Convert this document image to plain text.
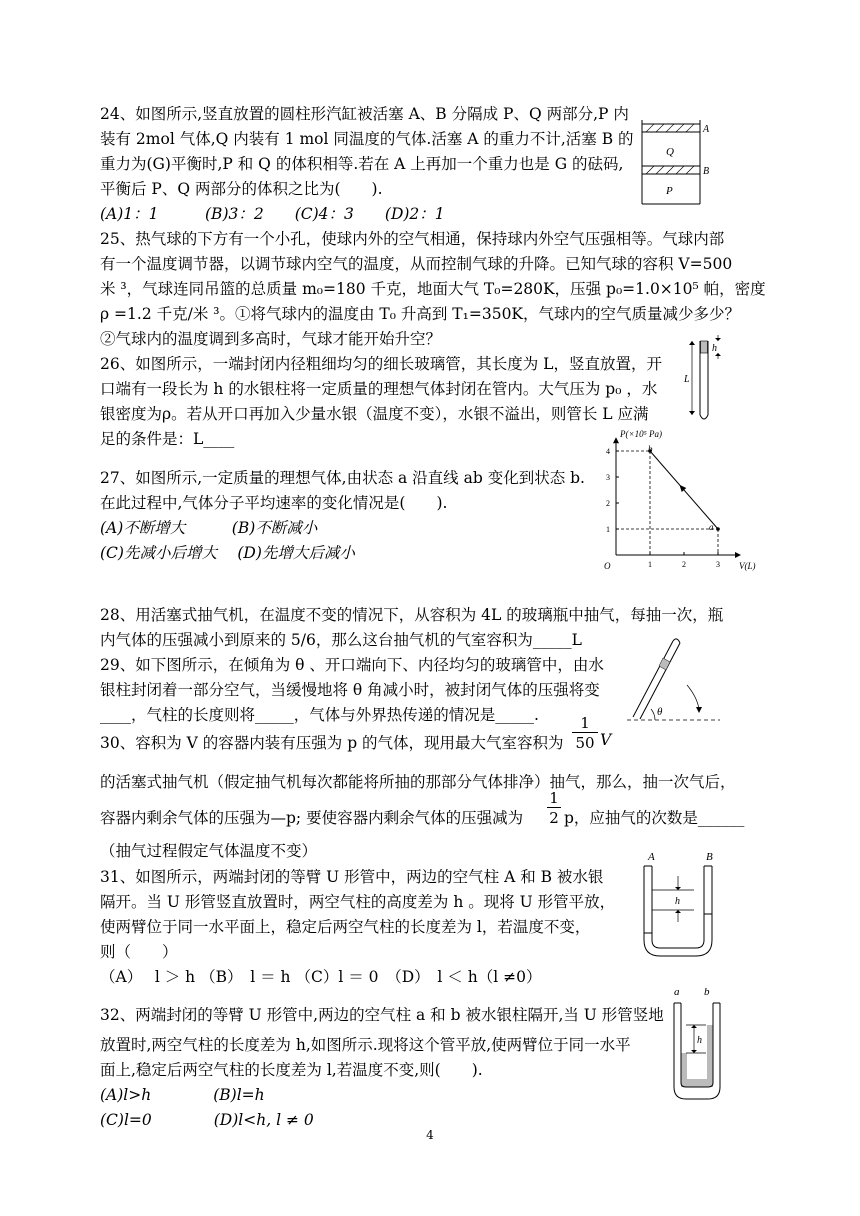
24、如图所示,竖直放置的圆柱形汽缸被活塞 A、B 分隔成 P、Q 两部分,P 内
装有 2mol 气体,Q 内装有 1 mol 同温度的气体.活塞 A 的重力不计,活塞 B 的
重力为(G)平衡时,P 和 Q 的体积相等.若在 A 上再加一个重力也是 G 的砝码,
平衡后 P、Q 两部分的体积之比为(　　).
(A)1：1　　　(B)3：2　　(C)4：3　　(D)2：1
A
B
Q
P
25、热气球的下方有一个小孔，使球内外的空气相通，保持球内外空气压强相等。气球内部
有一个温度调节器，以调节球内空气的温度，从而控制气球的升降。已知气球的容积 V=500
米 ³，气球连同吊篮的总质量 m₀=180 千克，地面大气 T₀=280K，压强 p₀=1.0×10⁵ 帕，密度
ρ =1.2 千克/米 ³。①将气球内的温度由 T₀ 升高到 T₁=350K，气球内的空气质量减少多少？
②气球内的温度调到多高时，气球才能开始升空？
26、如图所示，一端封闭内径粗细均匀的细长玻璃管，其长度为 L，竖直放置，开
口端有一段长为 h 的水银柱将一定质量的理想气体封闭在管内。大气压为 p₀ ，水
银密度为ρ。若从开口再加入少量水银（温度不变），水银不溢出，则管长 L 应满
足的条件是：L____
h
L
27、如图所示,一定质量的理想气体,由状态 a 沿直线 ab 变化到状态 b.
在此过程中,气体分子平均速率的变化情况是(　　).
(A)不断增大　　　(B)不断减小
(C)先减小后增大　 (D)先增大后减小
O	V(L)
P(×10⁵ Pa)
1	2	3
1
2
3
4	b
a
28、用活塞式抽气机，在温度不变的情况下，从容积为 4L 的玻璃瓶中抽气，每抽一次，瓶
内气体的压强减小到原来的 5/6，那么这台抽气机的气室容积为_____L
29、如下图所示，在倾角为 θ 、开口端向下、内径均匀的玻璃管中，由水
银柱封闭着一部分空气，当缓慢地将 θ 角减小时，被封闭气体的压强将变
____，气柱的长度则将_____，气体与外界热传递的情况是_____.	θ
30、容积为 V 的容器内装有压强为 p 的气体，现用最大气室容积为 $\frac{1}{50}$ V
的活塞式抽气机（假定抽气机每次都能将所抽的那部分气体排净）抽气，那么，抽一次气后，
容器内剩余气体的压强为—p; 要使容器内剩余气体的压强减为 $\frac{1}{2}$ p，应抽气的次数是______
（抽气过程假定气体温度不变）
31、如图所示，两端封闭的等臂 U 形管中，两边的空气柱 A 和 B 被水银
隔开。当 U 形管竖直放置时，两空气柱的高度差为 h 。现将 U 形管平放，
使两臂位于同一水平面上，稳定后两空气柱的长度差为 l，若温度不变，
则（　　）
（A）　 l ＞ h （B）　l ＝ h （C）l ＝ 0　（D）　l ＜ h（l ≠0）
A	B
h
32、两端封闭的等臂 U 形管中,两边的空气柱 a 和 b 被水银柱隔开,当 U 形管竖地
放置时,两空气柱的长度差为 h,如图所示.现将这个管平放,使两臂位于同一水平
面上,稳定后两空气柱的长度差为 l,若温度不变,则(　　).
(A)l>h　　　　(B)l=h
(C)l=0　　　　(D)l<h, l ≠ 0
a b
h
4
